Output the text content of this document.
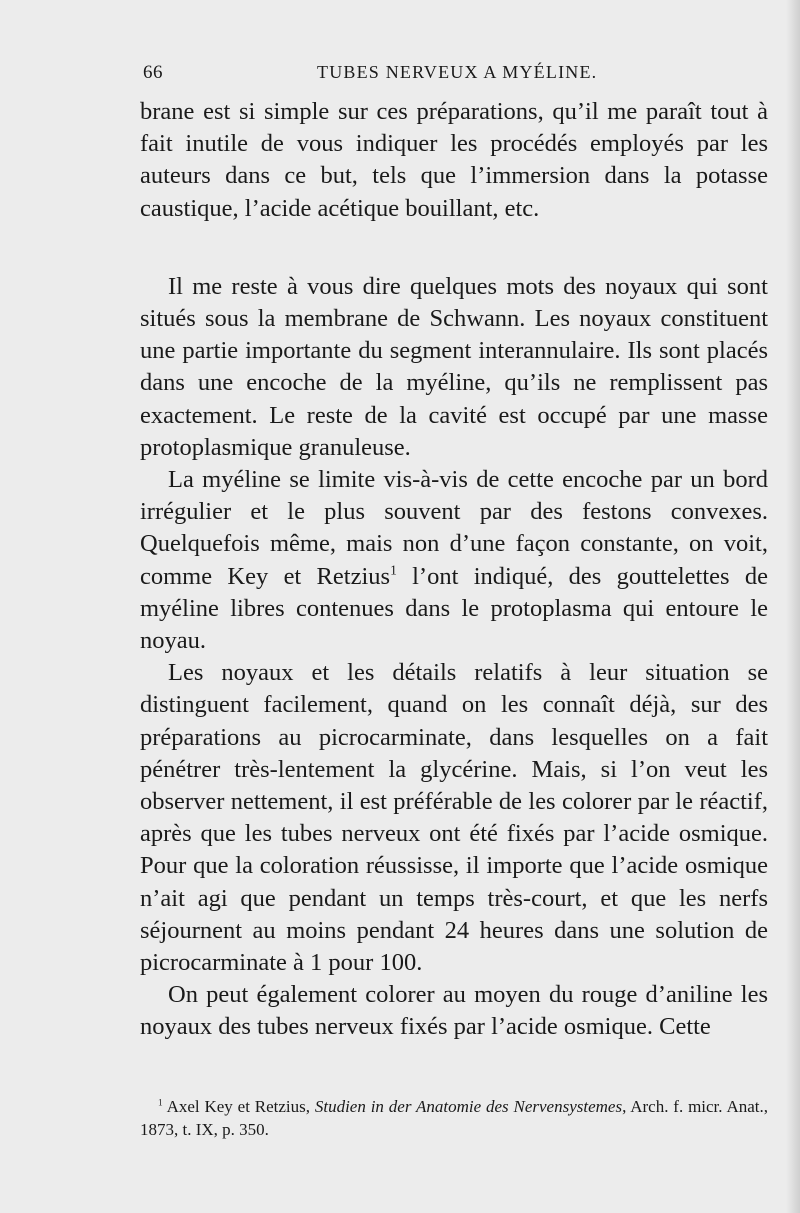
66	TUBES NERVEUX A MYÉLINE.

brane est si simple sur ces préparations, qu’il me paraît tout à fait inutile de vous indiquer les procédés employés par les auteurs dans ce but, tels que l’immersion dans la potasse caustique, l’acide acétique bouillant, etc.

Il me reste à vous dire quelques mots des noyaux qui sont situés sous la membrane de Schwann. Les noyaux constituent une partie importante du segment interannulaire. Ils sont placés dans une encoche de la myéline, qu’ils ne remplissent pas exactement. Le reste de la cavité est occupé par une masse protoplasmique granuleuse.

La myéline se limite vis-à-vis de cette encoche par un bord irrégulier et le plus souvent par des festons convexes. Quelquefois même, mais non d’une façon constante, on voit, comme Key et Retzius$^1$ l’ont indiqué, des gouttelettes de myéline libres contenues dans le protoplasma qui entoure le noyau.

Les noyaux et les détails relatifs à leur situation se distinguent facilement, quand on les connaît déjà, sur des préparations au picrocarminate, dans lesquelles on a fait pénétrer très-lentement la glycérine. Mais, si l’on veut les observer nettement, il est préférable de les colorer par le réactif, après que les tubes nerveux ont été fixés par l’acide osmique. Pour que la coloration réussisse, il importe que l’acide osmique n’ait agi que pendant un temps très-court, et que les nerfs séjournent au moins pendant 24 heures dans une solution de picrocarminate à 1 pour 100.

On peut également colorer au moyen du rouge d’aniline les noyaux des tubes nerveux fixés par l’acide osmique. Cette

$^1$ Axel Key et Retzius, Studien in der Anatomie des Nervensystemes, Arch. f. micr. Anat., 1873, t. IX, p. 350.
